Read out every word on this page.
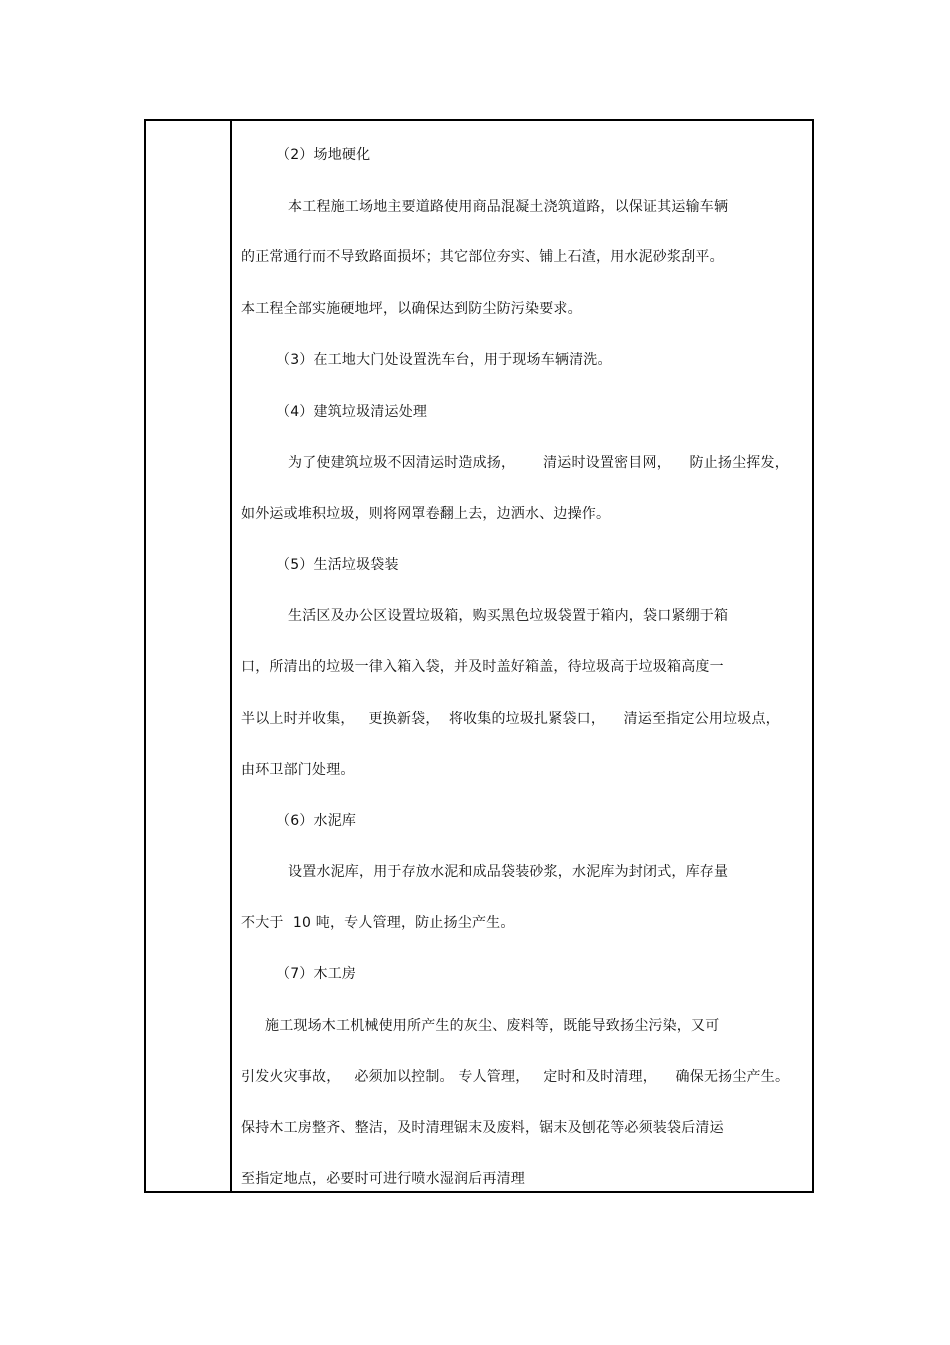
（2）场地硬化
本工程施工场地主要道路使用商品混凝土浇筑道路，以保证其运输车辆
的正常通行而不导致路面损坏；其它部位夯实、铺上石渣，用水泥砂浆刮平。
本工程全部实施硬地坪，以确保达到防尘防污染要求。
（3）在工地大门处设置洗车台，用于现场车辆清洗。
（4）建筑垃圾清运处理
为了使建筑垃圾不因清运时造成扬，      清运时设置密目网，    防止扬尘挥发，
如外运或堆积垃圾，则将网罩卷翻上去，边洒水、边操作。
（5）生活垃圾袋装
生活区及办公区设置垃圾箱，购买黑色垃圾袋置于箱内，袋口紧绷于箱
口，所清出的垃圾一律入箱入袋，并及时盖好箱盖，待垃圾高于垃圾箱高度一
半以上时并收集，   更换新袋，  将收集的垃圾扎紧袋口，    清运至指定公用垃圾点，
由环卫部门处理。
（6）水泥库
设置水泥库，用于存放水泥和成品袋装砂浆，水泥库为封闭式，库存量
不大于  10 吨，专人管理，防止扬尘产生。
（7）木工房
施工现场木工机械使用所产生的灰尘、废料等，既能导致扬尘污染，又可
引发火灾事故，   必须加以控制。 专人管理，   定时和及时清理，    确保无扬尘产生。
保持木工房整齐、整洁，及时清理锯末及废料，锯末及刨花等必须装袋后清运
至指定地点，必要时可进行喷水湿润后再清理
